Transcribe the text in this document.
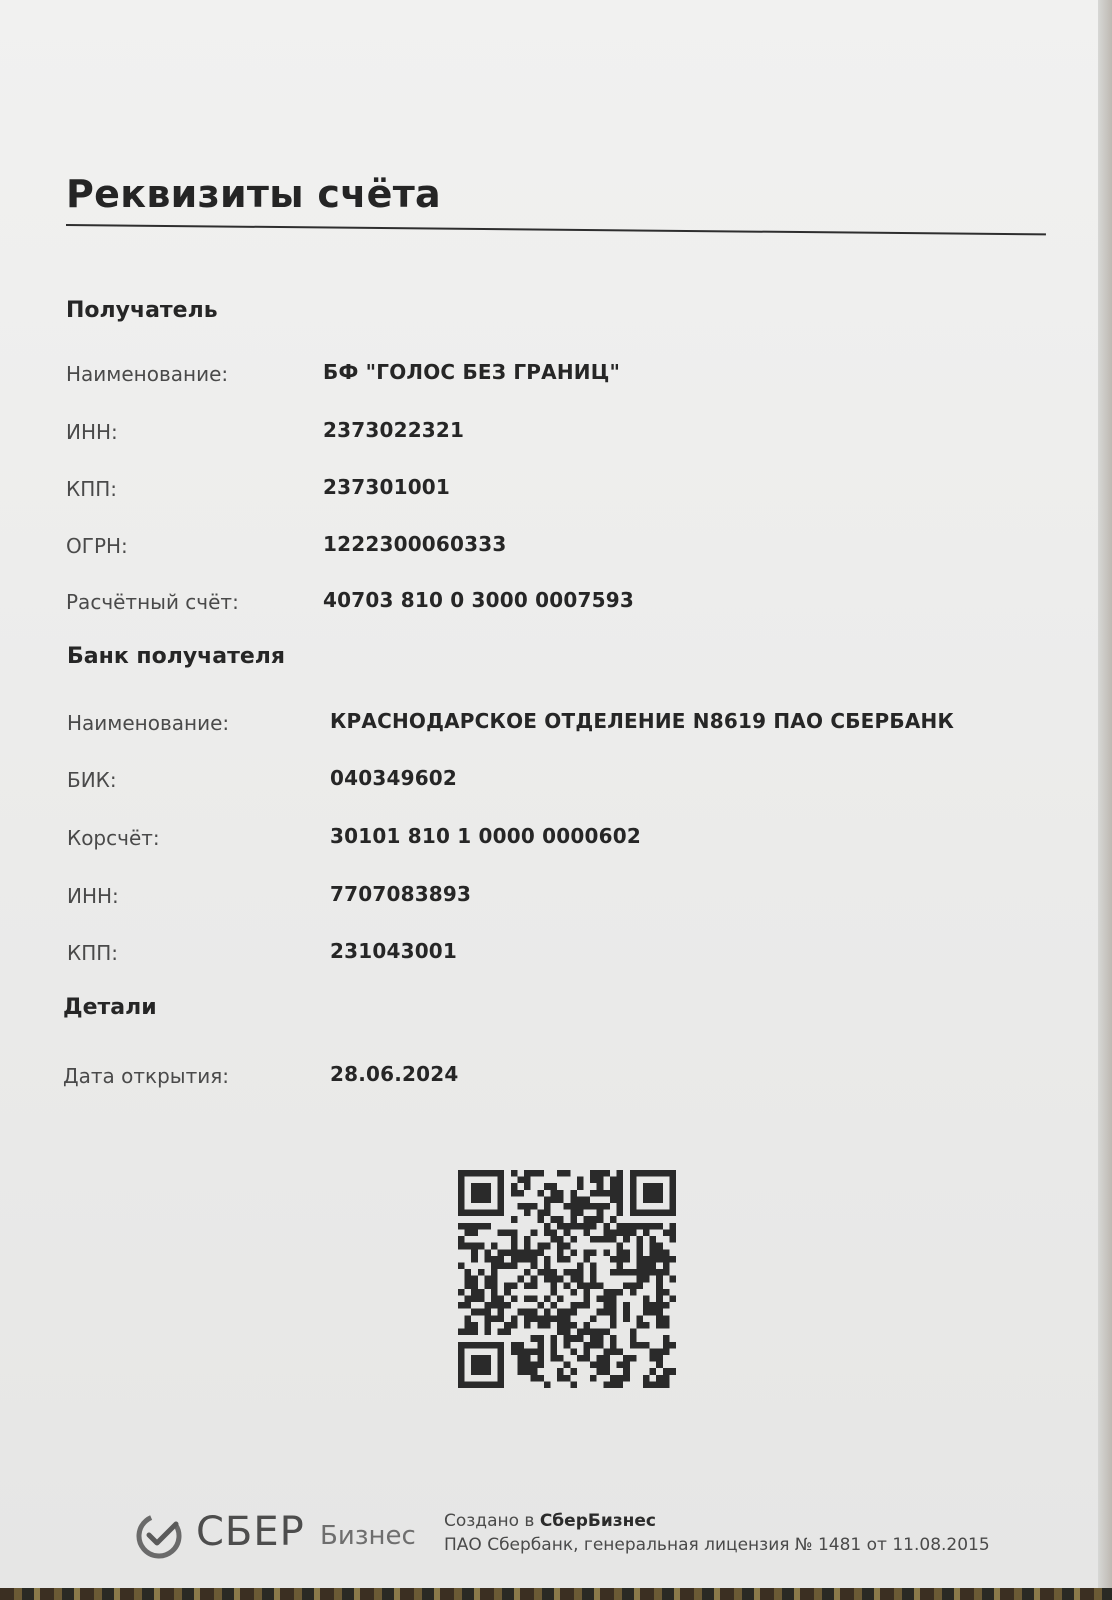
Реквизиты счёта
Получатель
Наименование:	БФ "ГОЛОС БЕЗ ГРАНИЦ"
ИНН:	2373022321
КПП:	237301001
ОГРН:	1222300060333
Расчётный счёт:	40703 810 0 3000 0007593
Банк получателя
Наименование:	КРАСНОДАРСКОЕ ОТДЕЛЕНИЕ N8619 ПАО СБЕРБАНК
БИК:	040349602
Корсчёт:	30101 810 1 0000 0000602
ИНН:	7707083893
КПП:	231043001
Детали
Дата открытия:	28.06.2024
СБЕР Бизнес Создано в СберБизнес
ПАО Сбербанк, генеральная лицензия № 1481 от 11.08.2015
